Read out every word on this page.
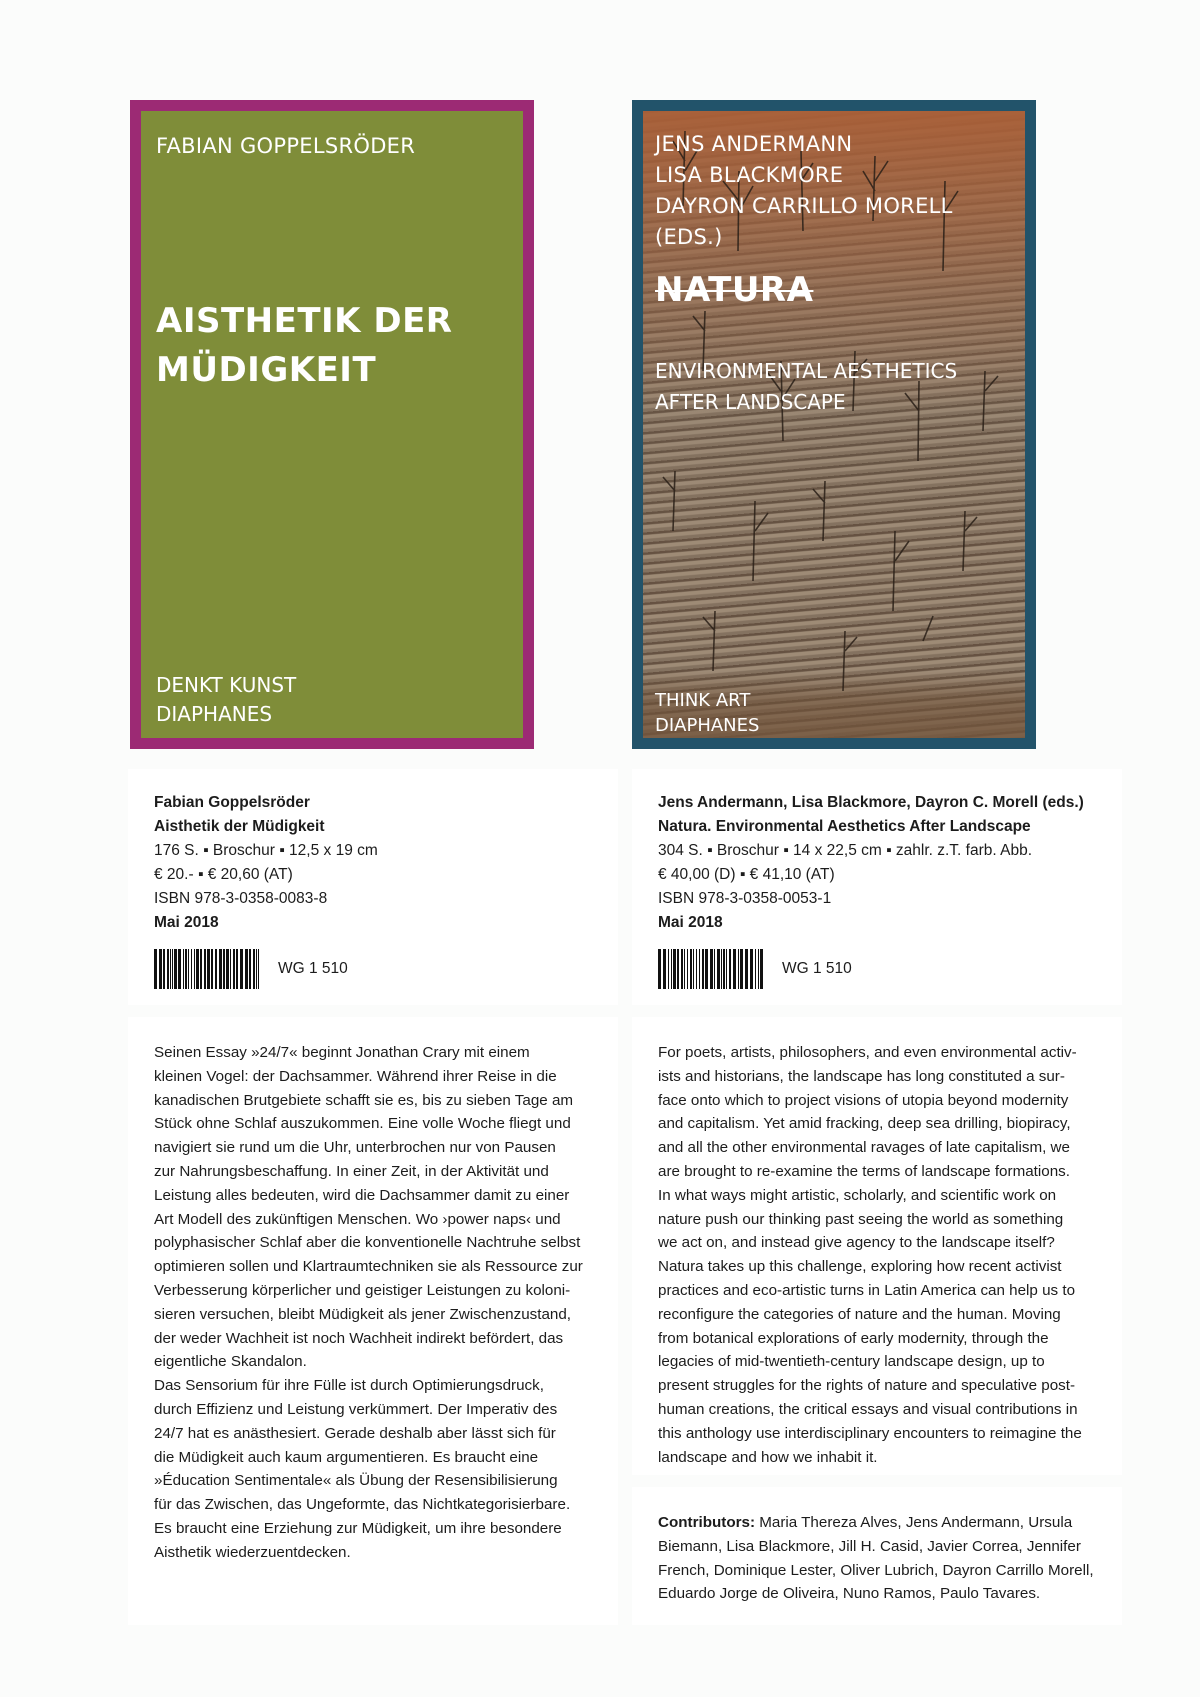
FABIAN GOPPELSRÖDER
AISTHETIK DER
MÜDIGKEIT
DENKT KUNST
DIAPHANES
JENS ANDERMANN
LISA BLACKMORE
DAYRON CARRILLO MORELL (EDS.)
NATURA
ENVIRONMENTAL AESTHETICS
AFTER LANDSCAPE
THINK ART
DIAPHANES
Fabian Goppelsröder
Aisthetik der Müdigkeit
176 S. ▪ Broschur ▪ 12,5 x 19 cm
€ 20.- ▪ € 20,60 (AT)
ISBN 978-3-0358-0083-8
Mai 2018
WG 1 510
Jens Andermann, Lisa Blackmore, Dayron C. Morell (eds.)
Natura. Environmental Aesthetics After Landscape
304 S. ▪ Broschur ▪ 14 x 22,5 cm ▪ zahlr. z.T. farb. Abb.
€ 40,00 (D) ▪ € 41,10 (AT)
ISBN 978-3-0358-0053-1
Mai 2018
WG 1 510
Seinen Essay »24/7« beginnt Jonathan Crary mit einem
kleinen Vogel: der Dachsammer. Während ihrer Reise in die
kanadischen Brutgebiete schafft sie es, bis zu sieben Tage am
Stück ohne Schlaf auszukommen. Eine volle Woche fliegt und
navigiert sie rund um die Uhr, unterbrochen nur von Pausen
zur Nahrungsbeschaffung. In einer Zeit, in der Aktivität und
Leistung alles bedeuten, wird die Dachsammer damit zu einer
Art Modell des zukünftigen Menschen. Wo ›power naps‹ und
polyphasischer Schlaf aber die konventionelle Nachtruhe selbst
optimieren sollen und Klartraumtechniken sie als Ressource zur
Verbesserung körperlicher und geistiger Leistungen zu koloni-
sieren versuchen, bleibt Müdigkeit als jener Zwischenzustand,
der weder Wachheit ist noch Wachheit indirekt befördert, das
eigentliche Skandalon.
Das Sensorium für ihre Fülle ist durch Optimierungsdruck,
durch Effizienz und Leistung verkümmert. Der Imperativ des
24/7 hat es anästhesiert. Gerade deshalb aber lässt sich für
die Müdigkeit auch kaum argumentieren. Es braucht eine
»Éducation Sentimentale« als Übung der Resensibilisierung
für das Zwischen, das Ungeformte, das Nichtkategorisierbare.
Es braucht eine Erziehung zur Müdigkeit, um ihre besondere
Aisthetik wiederzuentdecken.
For poets, artists, philosophers, and even environmental activ-
ists and historians, the landscape has long constituted a sur-
face onto which to project visions of utopia beyond modernity
and capitalism. Yet amid fracking, deep sea drilling, biopiracy,
and all the other environmental ravages of late capitalism, we
are brought to re-examine the terms of landscape formations.
In what ways might artistic, scholarly, and scientific work on
nature push our thinking past seeing the world as something
we act on, and instead give agency to the landscape itself?
Natura takes up this challenge, exploring how recent activist
practices and eco-artistic turns in Latin America can help us to
reconfigure the categories of nature and the human. Moving
from botanical explorations of early modernity, through the
legacies of mid-twentieth-century landscape design, up to
present struggles for the rights of nature and speculative post-
human creations, the critical essays and visual contributions in
this anthology use interdisciplinary encounters to reimagine the
landscape and how we inhabit it.
Contributors: Maria Thereza Alves, Jens Andermann, Ursula
Biemann, Lisa Blackmore, Jill H. Casid, Javier Correa, Jennifer
French, Dominique Lester, Oliver Lubrich, Dayron Carrillo Morell,
Eduardo Jorge de Oliveira, Nuno Ramos, Paulo Tavares.
